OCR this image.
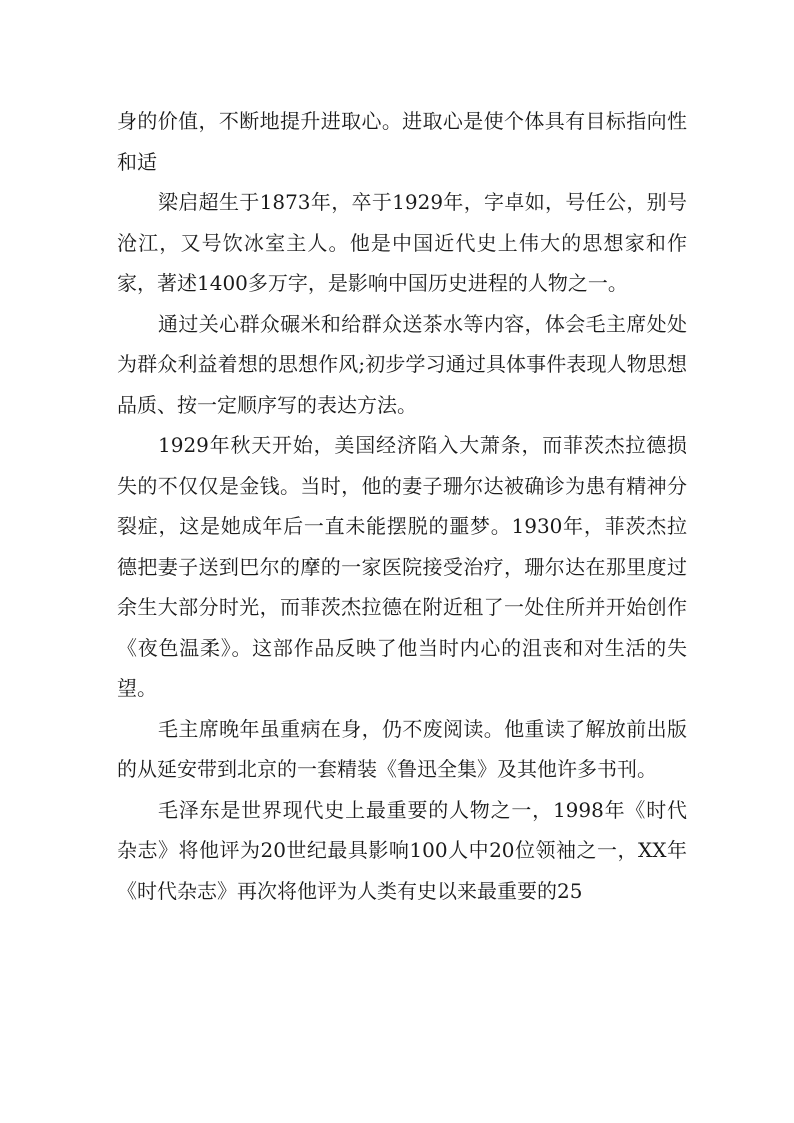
身的价值，不断地提升进取心。进取心是使个体具有目标指向性和适

梁启超生于1873年，卒于1929年，字卓如，号任公，别号沧江，又号饮冰室主人。他是中国近代史上伟大的思想家和作家，著述1400多万字，是影响中国历史进程的人物之一。

通过关心群众碾米和给群众送茶水等内容，体会毛主席处处为群众利益着想的思想作风;初步学习通过具体事件表现人物思想品质、按一定顺序写的表达方法。

1929年秋天开始，美国经济陷入大萧条，而菲茨杰拉德损失的不仅仅是金钱。当时，他的妻子珊尔达被确诊为患有精神分裂症，这是她成年后一直未能摆脱的噩梦。1930年，菲茨杰拉德把妻子送到巴尔的摩的一家医院接受治疗，珊尔达在那里度过余生大部分时光，而菲茨杰拉德在附近租了一处住所并开始创作《夜色温柔》。这部作品反映了他当时内心的沮丧和对生活的失望。

毛主席晚年虽重病在身，仍不废阅读。他重读了解放前出版的从延安带到北京的一套精装《鲁迅全集》及其他许多书刊。

毛泽东是世界现代史上最重要的人物之一，1998年《时代杂志》将他评为20世纪最具影响100人中20位领袖之一，XX年《时代杂志》再次将他评为人类有史以来最重要的25
